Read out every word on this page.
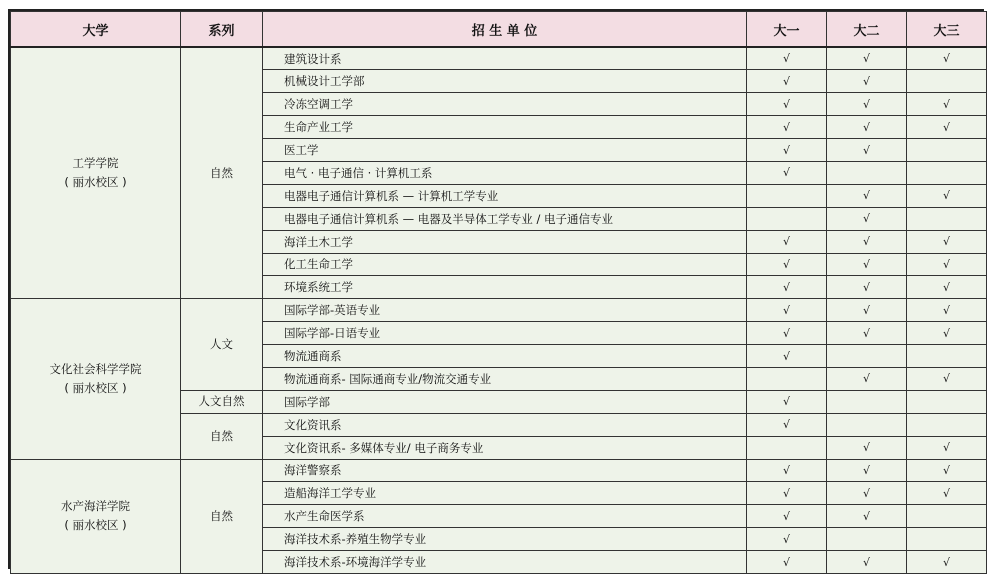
大学	系列	招 生 单 位	大一	大二	大三

工学学院
( 丽水校区 )	自然	建筑设计系	√	√	√
		机械设计工学部	√	√	
		冷冻空调工学	√	√	√
		生命产业工学	√	√	√
		医工学	√	√	
		电气 · 电子通信 · 计算机工系	√		
		电器电子通信计算机系 — 计算机工学专业		√	√
		电器电子通信计算机系 — 电器及半导体工学专业 / 电子通信专业		√	
		海洋土木工学	√	√	√
		化工生命工学	√	√	√
		环境系统工学	√	√	√

文化社会科学学院
( 丽水校区 )	人文	国际学部-英语专业	√	√	√
		国际学部-日语专业	√	√	√
		物流通商系	√		
		物流通商系- 国际通商专业/物流交通专业		√	√
	人文自然	国际学部	√		
	自然	文化资讯系	√		
		文化资讯系- 多媒体专业/ 电子商务专业		√	√

水产海洋学院
( 丽水校区 )	自然	海洋警察系	√	√	√
		造船海洋工学专业	√	√	√
		水产生命医学系	√	√	
		海洋技术系-养殖生物学专业	√		
		海洋技术系-环境海洋学专业	√	√	√
